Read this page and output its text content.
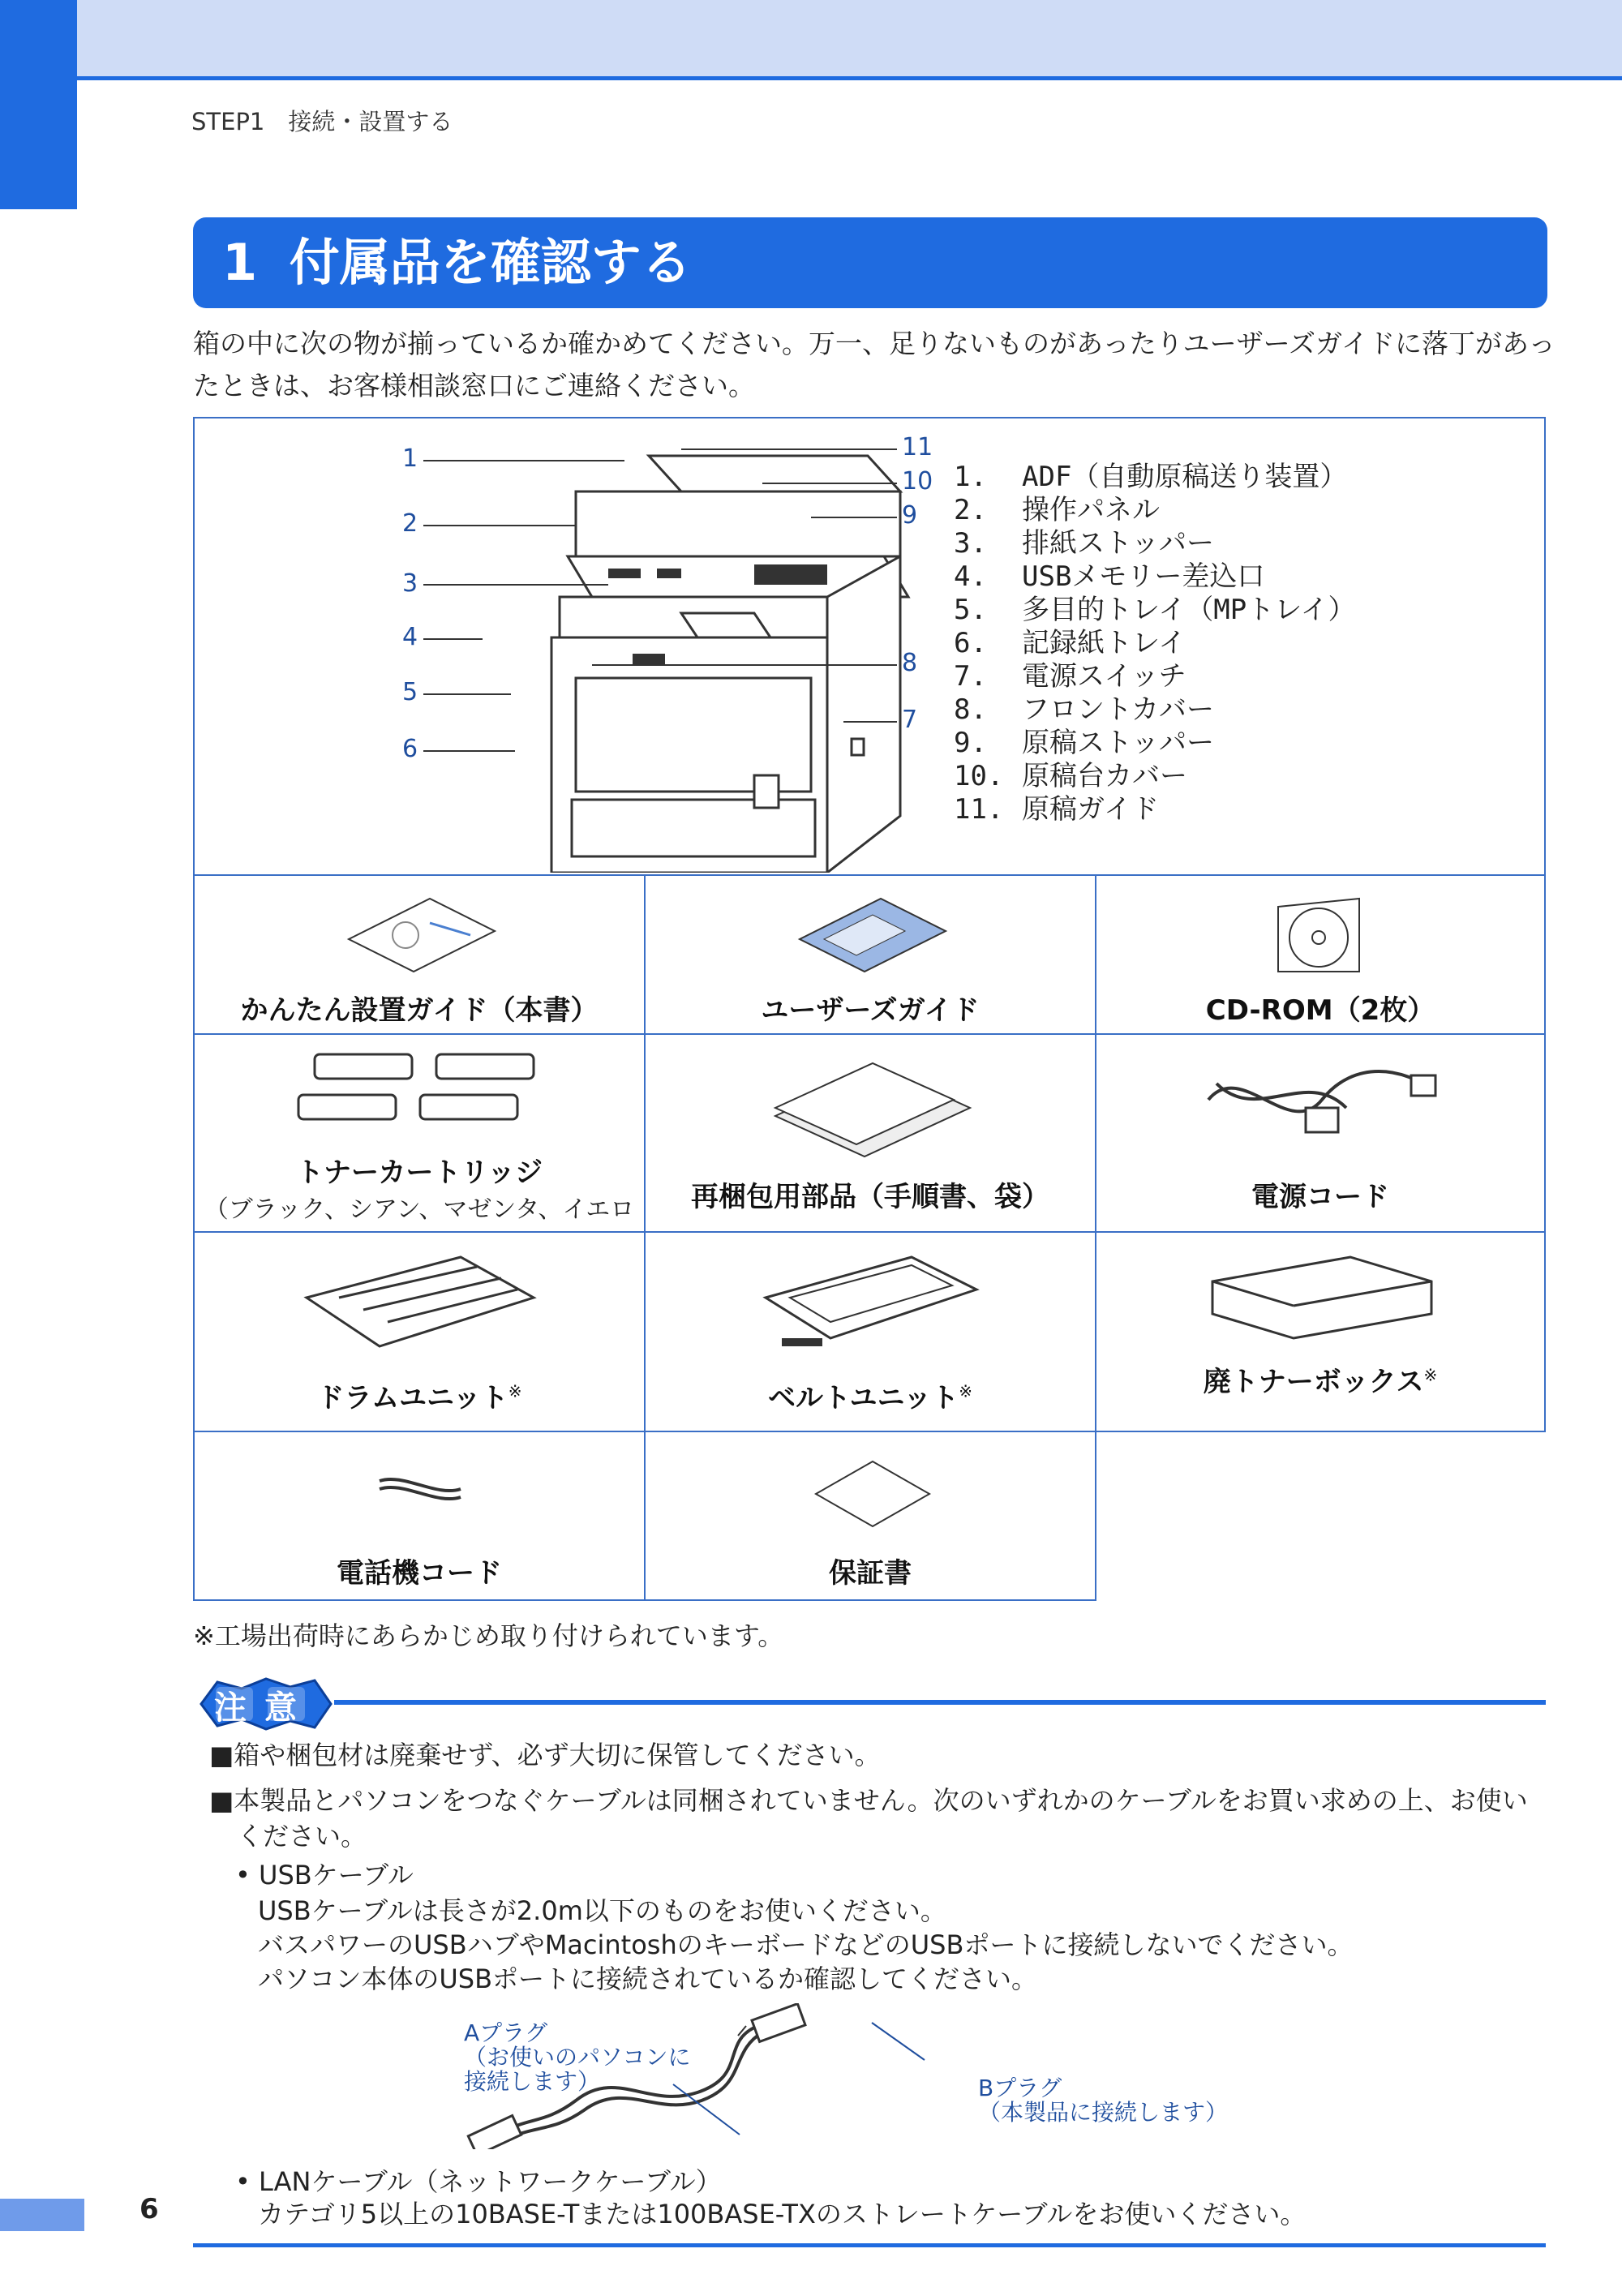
STEP1　接続・設置する
1 付属品を確認する
箱の中に次の物が揃っているか確かめてください。万一、足りないものがあったりユーザーズガイドに落丁があったときは、お客様相談窓口にご連絡ください。
1
2
3
4
5
6
11
10
9
8
7
1. ADF（自動原稿送り装置）
2. 操作パネル
3. 排紙ストッパー
4. USBメモリー差込口
5. 多目的トレイ（MPトレイ）
6. 記録紙トレイ
7. 電源スイッチ
8. フロントカバー
9. 原稿ストッパー
10. 原稿台カバー
11. 原稿ガイド
かんたん設置ガイド（本書）	ユーザーズガイド	CD-ROM（2枚）
トナーカートリッジ
（ブラック、シアン、マゼンタ、イエロ	再梱包用部品（手順書、袋）	電源コード
ドラムユニット※	ベルトユニット※	廃トナーボックス※
電話機コード	保証書
※工場出荷時にあらかじめ取り付けられています。
注意
■箱や梱包材は廃棄せず、必ず大切に保管してください。
■本製品とパソコンをつなぐケーブルは同梱されていません。次のいずれかのケーブルをお買い求めの上、お使いください。
• USBケーブル
USBケーブルは長さが2.0m以下のものをお使いください。
バスパワーのUSBハブやMacintoshのキーボードなどのUSBポートに接続しないでください。
パソコン本体のUSBポートに接続されているか確認してください。
Aプラグ
（お使いのパソコンに
接続します）	Bプラグ
（本製品に接続します）
• LANケーブル（ネットワークケーブル）
カテゴリ5以上の10BASE-Tまたは100BASE-TXのストレートケーブルをお使いください。
6
